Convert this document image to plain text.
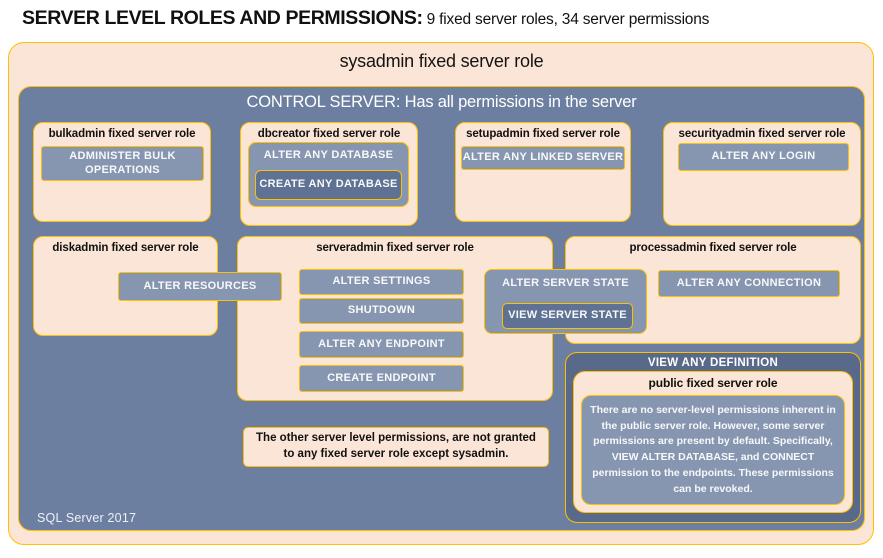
SERVER LEVEL ROLES AND PERMISSIONS: 9 fixed server roles, 34 server permissions
sysadmin fixed server role
CONTROL SERVER: Has all permissions in the server
bulkadmin fixed server role
ADMINISTER BULK OPERATIONS
dbcreator fixed server role
ALTER ANY DATABASE
CREATE ANY DATABASE
setupadmin fixed server role
ALTER ANY LINKED SERVER
securityadmin fixed server role
ALTER ANY LOGIN
diskadmin fixed server role
ALTER RESOURCES
serveradmin fixed server role
ALTER SETTINGS
SHUTDOWN
ALTER ANY ENDPOINT
CREATE ENDPOINT
ALTER SERVER STATE
VIEW SERVER STATE
processadmin fixed server role
ALTER ANY CONNECTION
The other server level permissions, are not granted to any fixed server role except sysadmin.
VIEW ANY DEFINITION
public fixed server role
There are no server-level permissions inherent in the public server role. However, some server permissions are present by default. Specifically, VIEW ALTER DATABASE, and CONNECT permission to the endpoints. These permissions can be revoked.
SQL Server 2017
